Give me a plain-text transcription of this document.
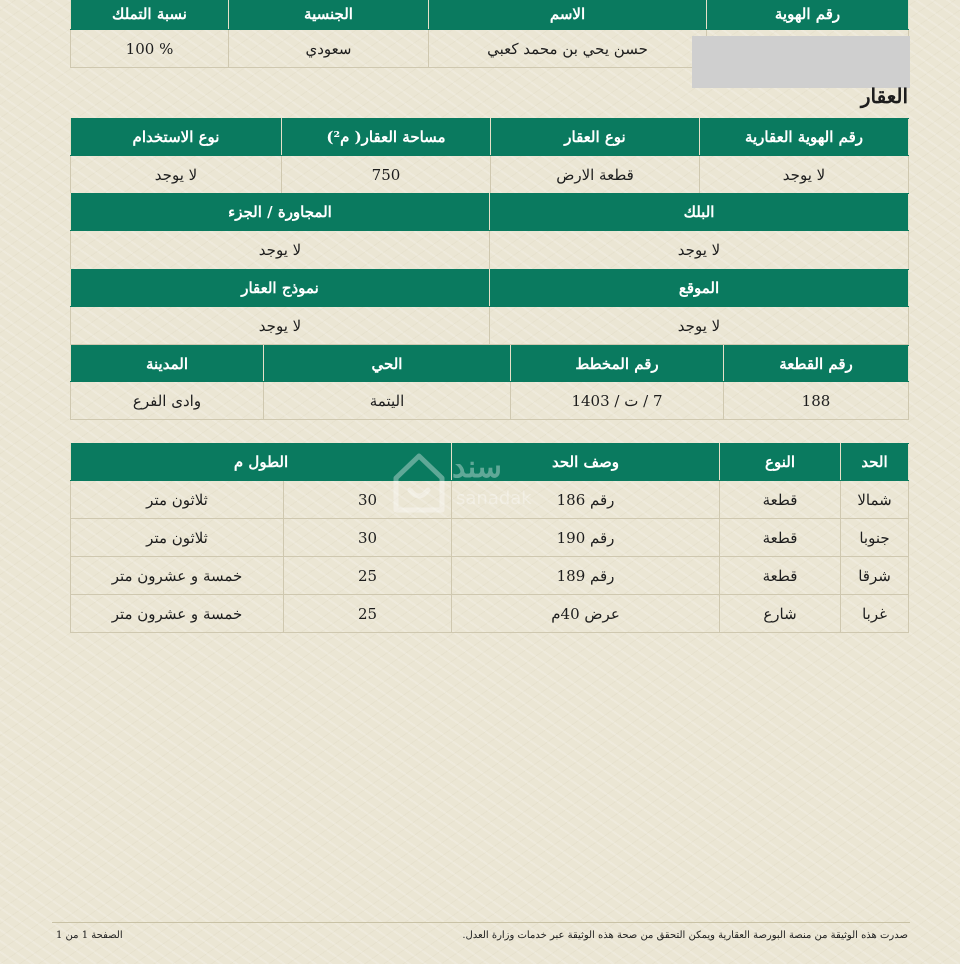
رقم الهوية	الاسم	الجنسية	نسبة التملك
	حسن يحي بن محمد كعبي	سعودي	100 %
العقار
رقم الهوية العقارية	نوع العقار	مساحة العقار( م²)	نوع الاستخدام
لا يوجد	قطعة الارض	750	لا يوجد
البلك	المجاورة / الجزء
لا يوجد	لا يوجد
الموقع	نموذج العقار
لا يوجد	لا يوجد
رقم القطعة	رقم المخطط	الحي	المدينة
188	7 / ت / 1403	اليتمة	وادى الفرع
الحد	النوع	وصف الحد	الطول م	
شمالا	قطعة	رقم 186	30	ثلاثون متر
جنوبا	قطعة	رقم 190	30	ثلاثون متر
شرقا	قطعة	رقم 189	25	خمسة و عشرون متر
غربا	شارع	عرض 40م	25	خمسة و عشرون متر
سند
sanadak
صدرت هذه الوثيقة من منصة البورصة العقارية ويمكن التحقق من صحة هذه الوثيقة عبر خدمات وزارة العدل.
الصفحة 1 من 1
